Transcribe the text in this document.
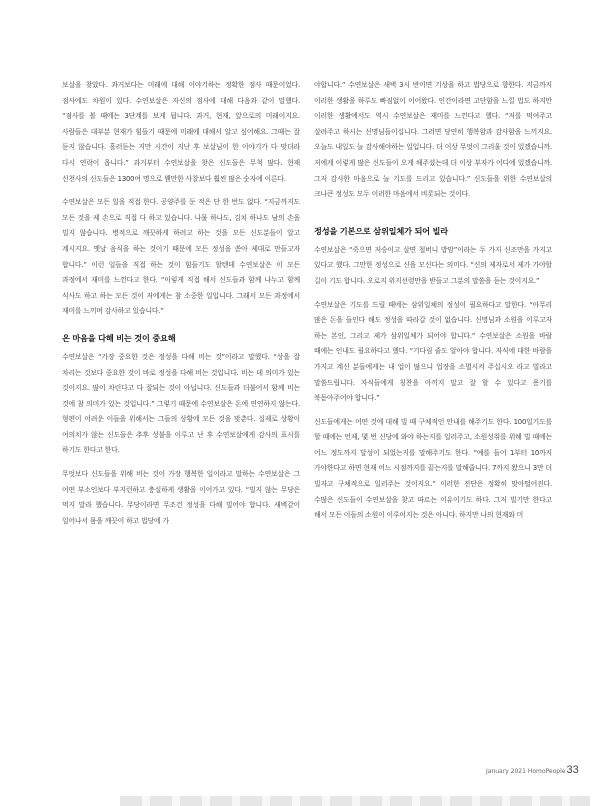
보살을 찾았다. 과거보다는 미래에 대해 이야기하는 정확한 점사 때문이었다. 점사에도 차원이 있다. 수연보살은 자신의 점사에 대해 다음과 같이 말했다. “점사를 볼 때에는 3단계를 보게 됩니다. 과거, 현재, 앞으로의 미래이지요. 사람들은 대부분 현재가 힘들기 때문에 미래에 대해서 알고 싶어해요. 그때는 잘 듣지 않습니다. 흘러듣는 지만 시간이 지난 후 보살님이 한 이야기가 다 맞더라 다시 연락이 옵니다.” 과거부터 수연보살을 찾은 신도들은 무척 많다. 현재 신천사의 신도들은 1300여 명으로 웬만한 사찰보다 훨씬 많은 숫자에 이른다.

수연보살은 모든 일을 직접 한다. 공양주를 둔 적은 단 한 번도 없다. “지금까지도 모든 것을 제 손으로 직접 다 하고 있습니다. 나물 하나도, 김치 하나도 남의 손을 빌지 않습니다. 병적으로 깨끗하게 하려고 하는 것을 모든 신도분들이 알고 계시지요. 옛날 음식을 하는 것이기 때문에 모든 정성을 쏟아 제대로 만들고자 합니다.” 이런 일들을 직접 하는 것이 힘들기도 할텐데 수연보살은 이 모든 과정에서 재미를 느낀다고 한다. “이렇게 직접 해서 신도들과 함께 나누고 함께 식사도 하고 하는 모든 것이 저에게는 참 소중한 일입니다. 그래서 모든 과정에서 재미를 느끼며 감사하고 있습니다.”

온 마음을 다해 비는 것이 중요해

수연보살은 “가장 중요한 것은 정성을 다해 비는 것”이라고 말했다. “상을 잘 차리는 것보다 중요한 것이 바로 정성을 다해 비는 것입니다. 비는 데 의미가 있는 것이지요. 많이 차린다고 다 잘되는 것이 아닙니다. 신도들과 더불어서 함께 비는 것에 참 의미가 있는 것입니다.” 그렇기 때문에 수연보살은 돈에 연연하지 않는다. 형편이 어려운 이들을 위해서는 그들의 상황에 모든 것을 맞춘다. 실제로 상황이 여의치가 않는 신도들은 추후 성불을 이루고 난 후 수연보살에게 감사의 표시를 하기도 한다고 한다.

무엇보다 신도들을 위해 비는 것이 가장 행복한 일이라고 말하는 수연보살은 그 어떤 부소인보다 부지런하고 충실하게 생활을 이어가고 있다. “빌지 않는 무당은 먹지 말라 했습니다. 무당이라면 무조건 정성을 다해 빌어야 합니다. 새벽같이 일어나서 몸을 깨끗이 하고 법당에 가

야합니다.” 수연보살은 새벽 3시 반이면 기상을 하고 법당으로 향한다. 지금까지 이러한 생활을 하루도 빠짐없이 이어왔다. 인간이라면 고단함을 느낄 법도 하지만 이러한 생활에서도 역시 수연보살은 재미를 느낀다고 했다. “저를 먹여주고 살려주고 하시는 신명님들이십니다. 그러면 당연히 행복함과 감사함을 느끼지요. 오늘도 내일도 늘 감사해야하는 일입니다. 더 이상 무엇이 그리울 것이 있겠습니까. 저에게 이렇게 많은 신도들이 오게 해주셨는데 더 이상 부자가 어디에 있겠습니까. 그저 감사한 마음으로 늘 기도를 드리고 있습니다.” 신도들을 위한 수연보살의 크나큰 정성도 모두 이러한 마음에서 비롯되는 것이다.

정성을 기본으로 삼위일체가 되어 빌라

수연보살은 “죽으면 저승이고 살면 철버니 밥맘”이라는 두 가지 신조만을 가지고 있다고 했다. 그만한 정성으로 신을 모신다는 의미다. “신의 제자로서 제가 가야할 길이 기도 합니다. 오로지 위지선령만을 받들고 그분의 말씀을 듣는 것이지요.”

수연보살은 기도를 드릴 때에는 삼위일체의 정성이 필요하다고 말한다. “아무리 많은 돈을 들인다 해도 정성을 따라갈 것이 없습니다. 신명님과 소원을 이루고자 하는 본인, 그리고 제가 삼위일체가 되어야 합니다.” 수연보살은 소원을 바랄 때에는 인내도 필요하다고 했다. “기다림 줄도 알아야 합니다. 자식에 대한 바람을 가지고 계신 분들에게는 내 업이 많으니 업장을 소멸시켜 주십시오 라고 빌라고 말씀드립니다. 자식들에게 칭찬을 아끼지 말고 잘 할 수 있다고 용기를 북돋아주어야 합니다.”

신도들에게는 어떤 것에 대해 빌 때 구체적인 안내를 해주기도 한다. 100일기도를 할 때에는 언제, 몇 번 신당에 와야 하는지를 일러주고, 소원성취를 위해 빌 때에는 어느 정도까지 달성이 되었는지를 말해주기도 한다. “예를 들어 1부터 10까지 가야한다고 하면 현재 어느 시점까지를 끝는지를 말해줍니다. 7까지 왔으니 3만 더 빌자고 구체적으로 일러주는 것이지요.” 이러한 진단은 정확히 맞아떨어진다. 수많은 신도들이 수연보살을 찾고 따르는 이유이기도 하다. 그저 빌기만 한다고 해서 모든 이들의 소원이 이루어지는 것은 아니다. 하지만 나의 현재와 미

January 2021 HomoPeople33
